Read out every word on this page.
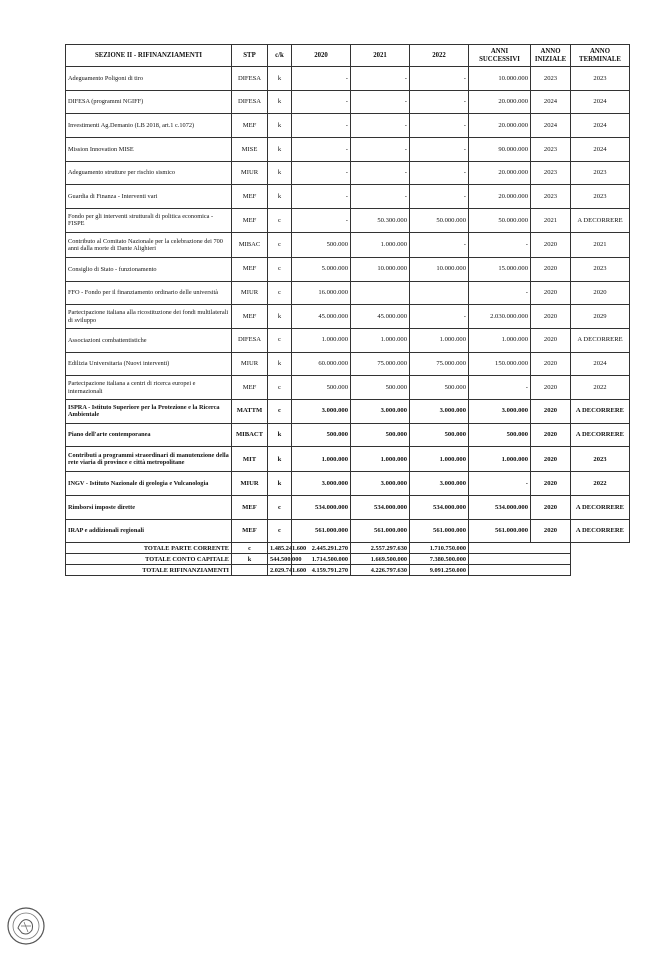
SEZIONE II - RIFINANZIAMENTI	STP	c/k	2020	2021	2022	ANNI SUCCESSIVI	ANNO INIZIALE	ANNO TERMINALE
Adeguamento Poligoni di tiro	DIFESA	k	-	-	-	10.000.000	2023	2023
DIFESA (programmi NGIFF)	DIFESA	k	-	-	-	20.000.000	2024	2024
Investimenti Ag.Demanio (LB 2018, art.1 c.1072)	MEF	k	-	-	-	20.000.000	2024	2024
Mission Innovation MISE	MISE	k	-	-	-	90.000.000	2023	2024
Adeguamento strutture per rischio sismico	MIUR	k	-	-	-	20.000.000	2023	2023
Guardia di Finanza - Interventi vari	MEF	k	-	-	-	20.000.000	2023	2023
Fondo per gli interventi strutturali di politica economica - FISPE	MEF	c	-	50.300.000	50.000.000	50.000.000	2021	A DECORRERE
Contributo al Comitato Nazionale per la celebrazione dei 700 anni dalla morte di Dante Alighieri	MIBAC	c	500.000	1.000.000	-	-	2020	2021
Consiglio di Stato - funzionamento	MEF	c	5.000.000	10.000.000	10.000.000	15.000.000	2020	2023
FFO - Fondo per il finanziamento ordinario delle università	MIUR	c	16.000.000			-	2020	2020
Partecipazione italiana alla ricostituzione dei fondi multilaterali di sviluppo	MEF	k	45.000.000	45.000.000	-	2.030.000.000	2020	2029
Associazioni combattentistiche	DIFESA	c	1.000.000	1.000.000	1.000.000	1.000.000	2020	A DECORRERE
Edilizia Universitaria (Nuovi interventi)	MIUR	k	60.000.000	75.000.000	75.000.000	150.000.000	2020	2024
Partecipazione italiana a centri di ricerca europei e internazionali	MEF	c	500.000	500.000	500.000	-	2020	2022
ISPRA - Istituto Superiore per la Protezione e la Ricerca Ambientale	MATTM	c	3.000.000	3.000.000	3.000.000	3.000.000	2020	A DECORRERE
Piano dell'arte contemporanea	MIBACT	k	500.000	500.000	500.000	500.000	2020	A DECORRERE
Contributi a programmi straordinari di manutenzione della rete viaria di province e città metropolitane	MIT	k	1.000.000	1.000.000	1.000.000	1.000.000	2020	2023
INGV - Istituto Nazionale di geologia e Vulcanologia	MIUR	k	3.000.000	3.000.000	3.000.000	-	2020	2022
Rimborsi imposte dirette	MEF	c	534.000.000	534.000.000	534.000.000	534.000.000	2020	A DECORRERE
IRAP e addizionali regionali	MEF	c	561.000.000	561.000.000	561.000.000	561.000.000	2020	A DECORRERE
TOTALE PARTE CORRENTE	c	1.485.241.600	2.445.291.270	2.557.297.630	1.710.750.000			
TOTALE CONTO CAPITALE	k	544.500.000	1.714.500.000	1.669.500.000	7.380.500.000			
TOTALE RIFINANZIAMENTI		2.029.741.600	4.159.791.270	4.226.797.630	9.091.250.000			
